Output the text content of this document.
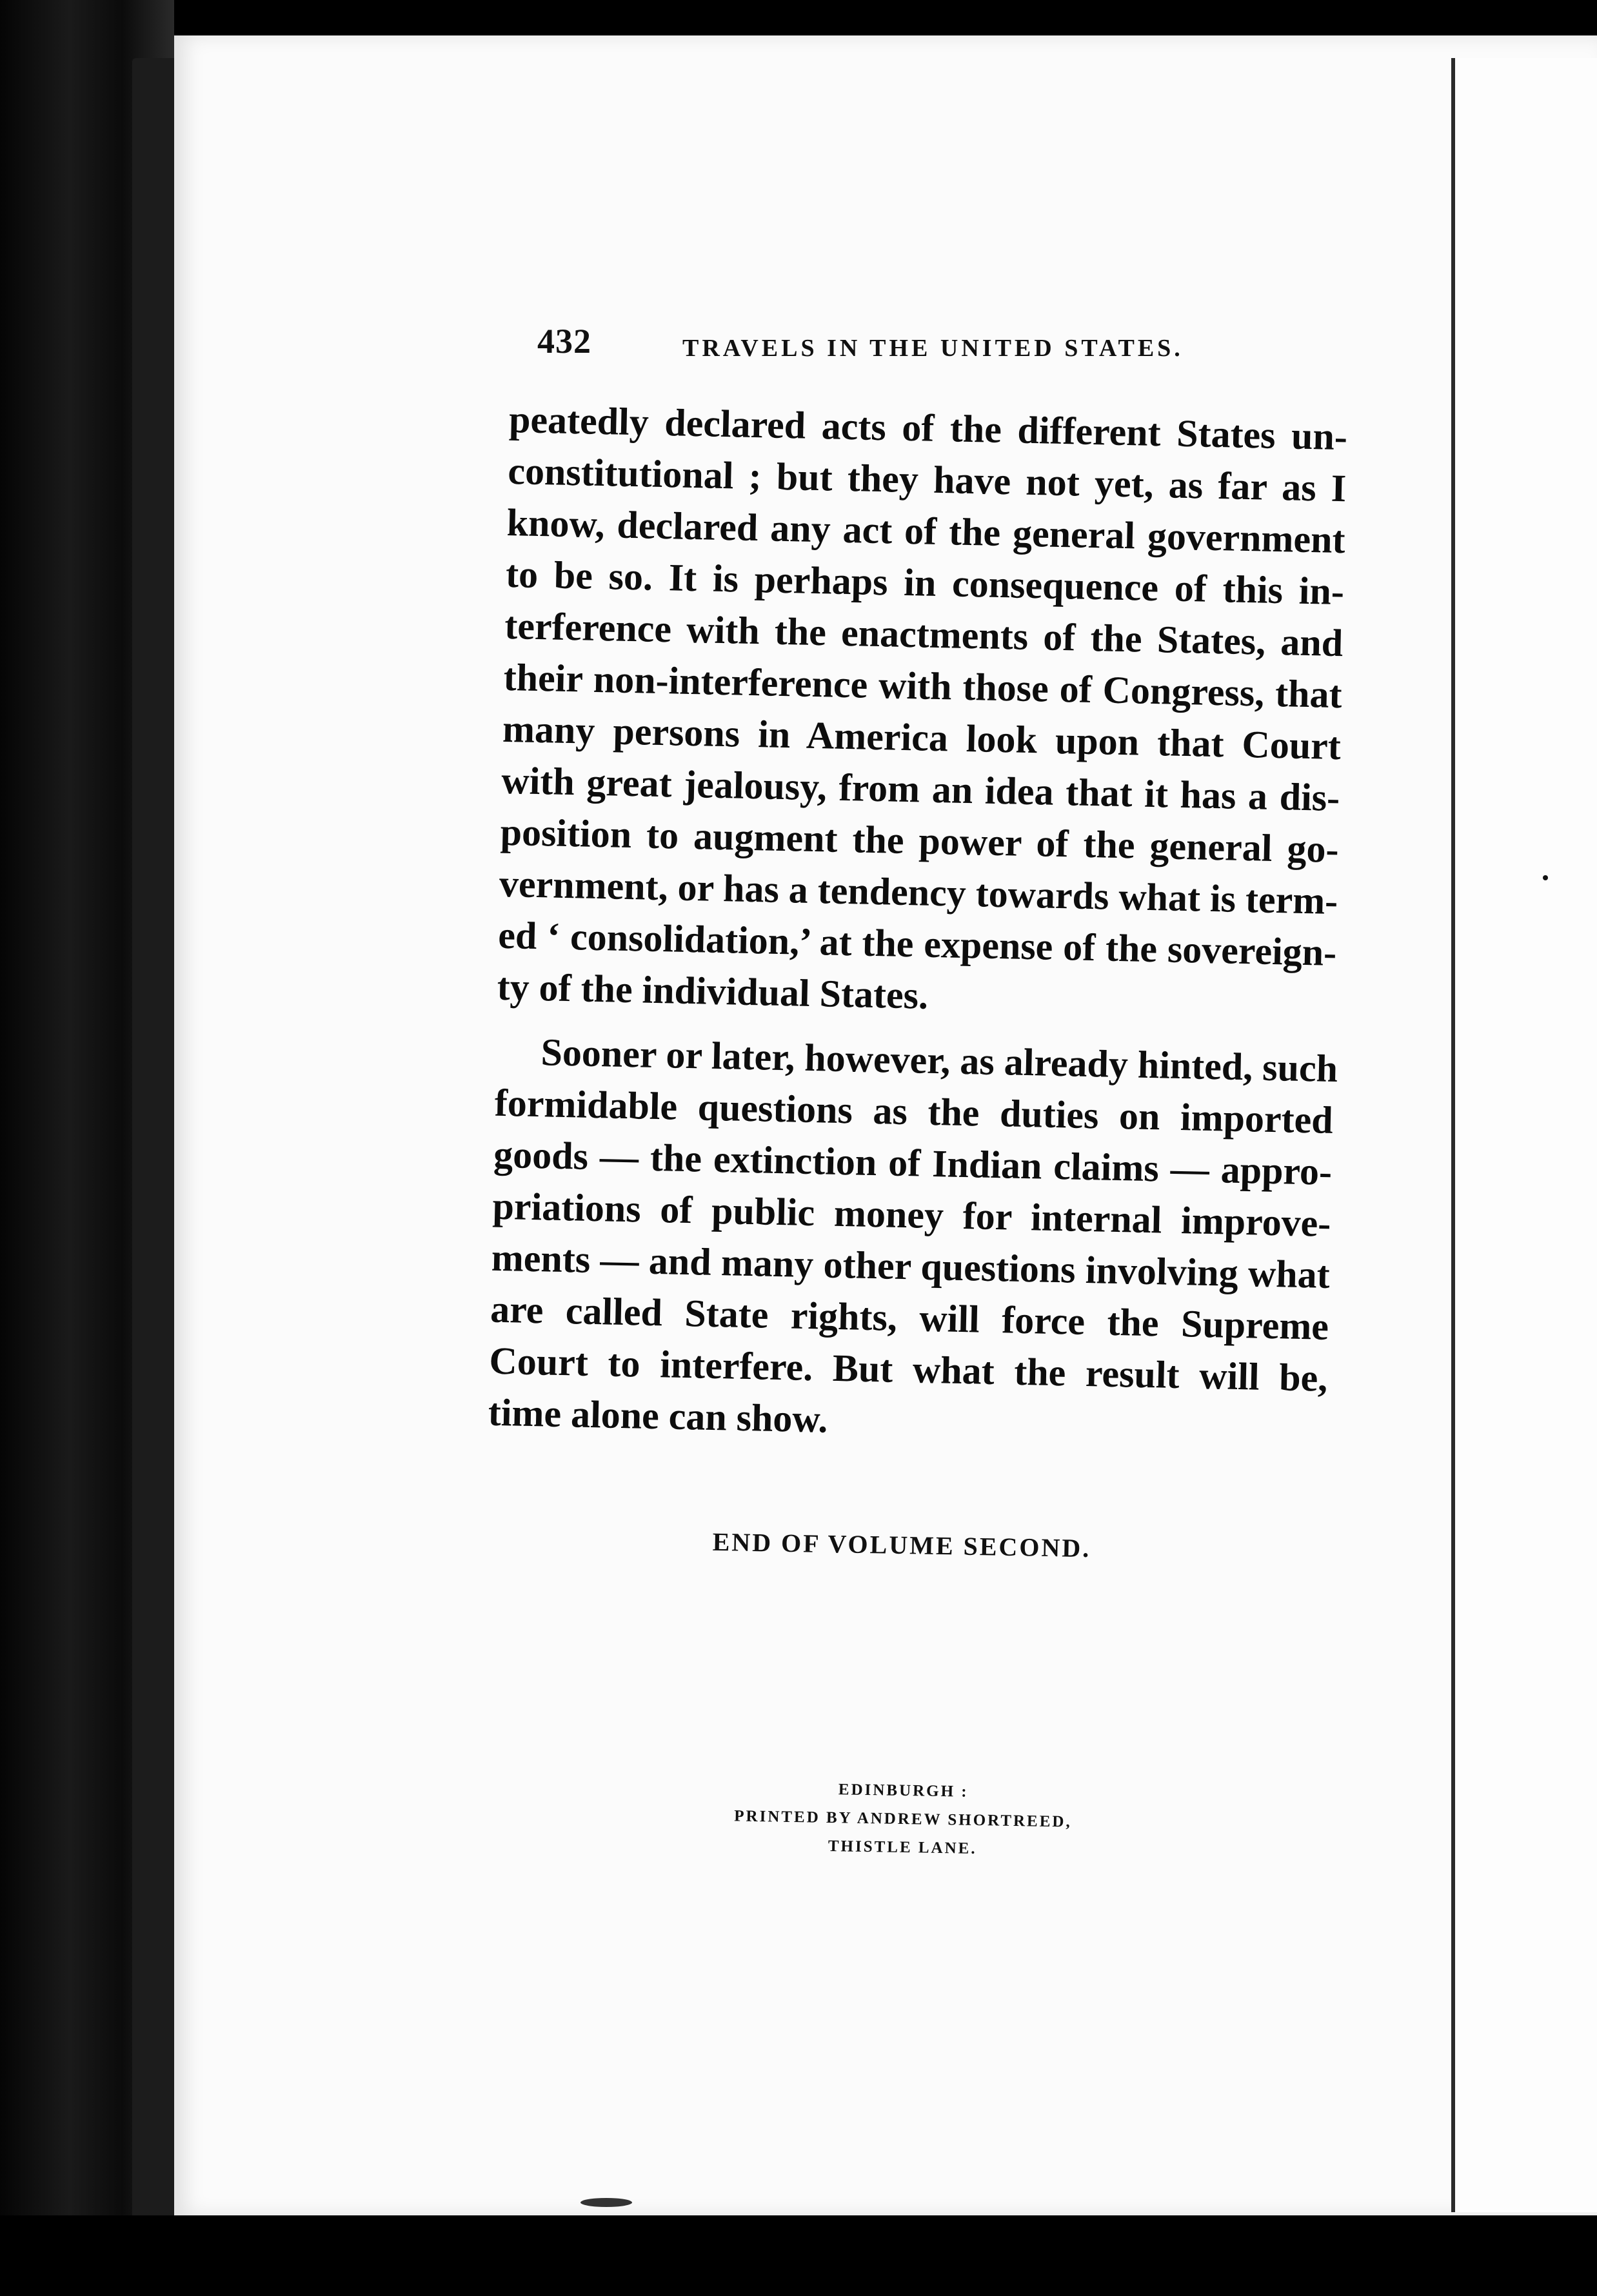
432	TRAVELS IN THE UNITED STATES.
peatedly declared acts of the different States un-
constitutional ; but they have not yet, as far as I
know, declared any act of the general government
to be so. It is perhaps in consequence of this in-
terference with the enactments of the States, and
their non-interference with those of Congress, that
many persons in America look upon that Court
with great jealousy, from an idea that it has a dis-
position to augment the power of the general go-
vernment, or has a tendency towards what is term-
ed ‘ consolidation,’ at the expense of the sovereign-
ty of the individual States.
Sooner or later, however, as already hinted, such
formidable questions as the duties on imported
goods — the extinction of Indian claims — appro-
priations of public money for internal improve-
ments — and many other questions involving what
are called State rights, will force the Supreme
Court to interfere. But what the result will be,
time alone can show.
END OF VOLUME SECOND.
EDINBURGH :
PRINTED BY ANDREW SHORTREED,
THISTLE LANE.
